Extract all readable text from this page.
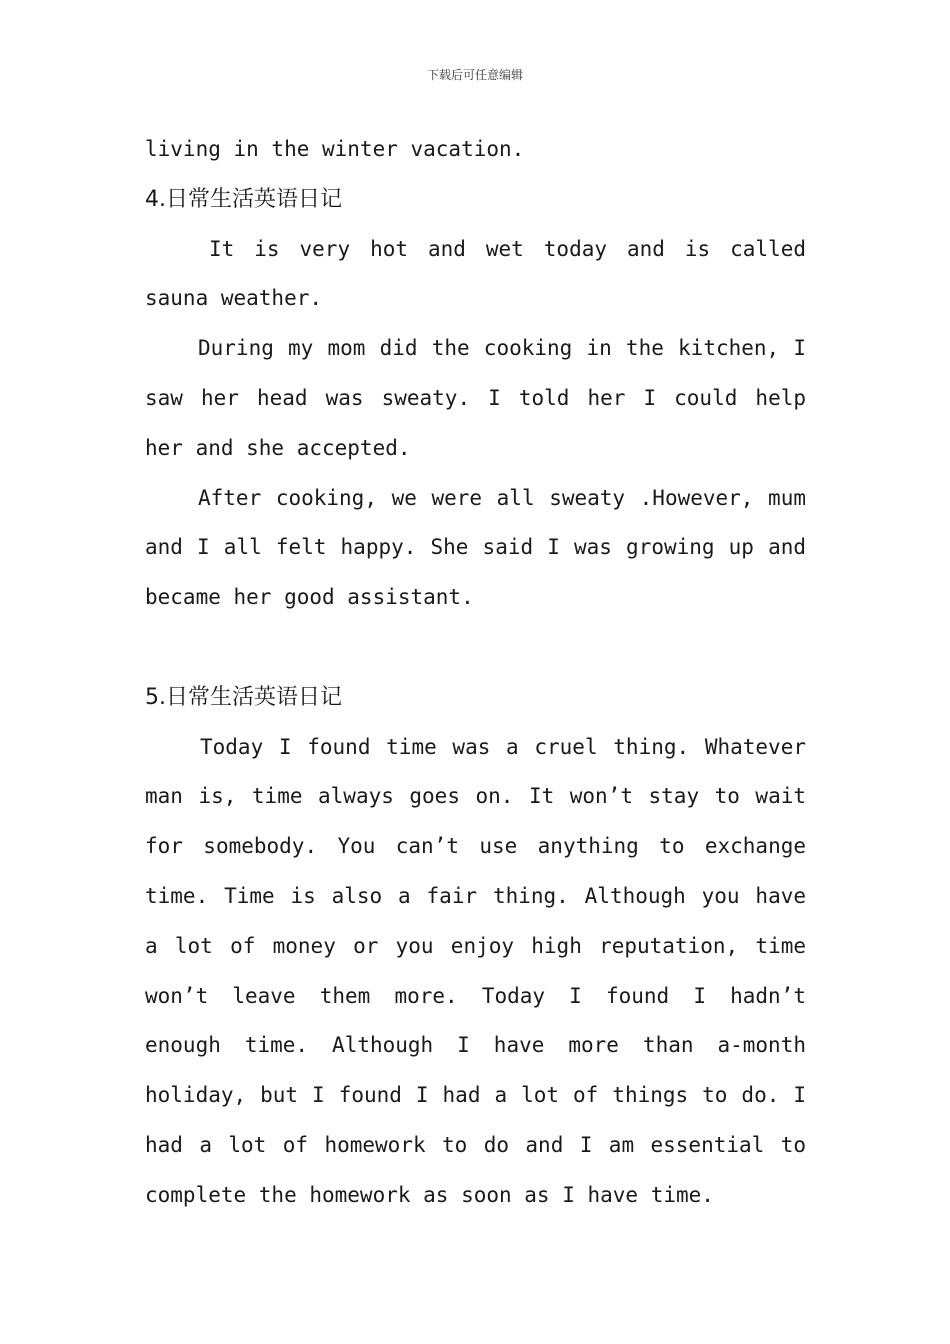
下载后可任意编辑
living in the winter vacation.
4.日常生活英语日记
It is very hot and wet today and is called
sauna weather.
During my mom did the cooking in the kitchen, I
saw her head was sweaty. I told her I could help
her and she accepted.
After cooking, we were all sweaty .However, mum
and I all felt happy. She said I was growing up and
became her good assistant.
5.日常生活英语日记
Today I found time was a cruel thing. Whatever
man is, time always goes on. It won’t stay to wait
for somebody. You can’t use anything to exchange
time. Time is also a fair thing. Although you have
a lot of money or you enjoy high reputation, time
won’t leave them more. Today I found I hadn’t
enough time. Although I have more than a-month
holiday, but I found I had a lot of things to do. I
had a lot of homework to do and I am essential to
complete the homework as soon as I have time.
